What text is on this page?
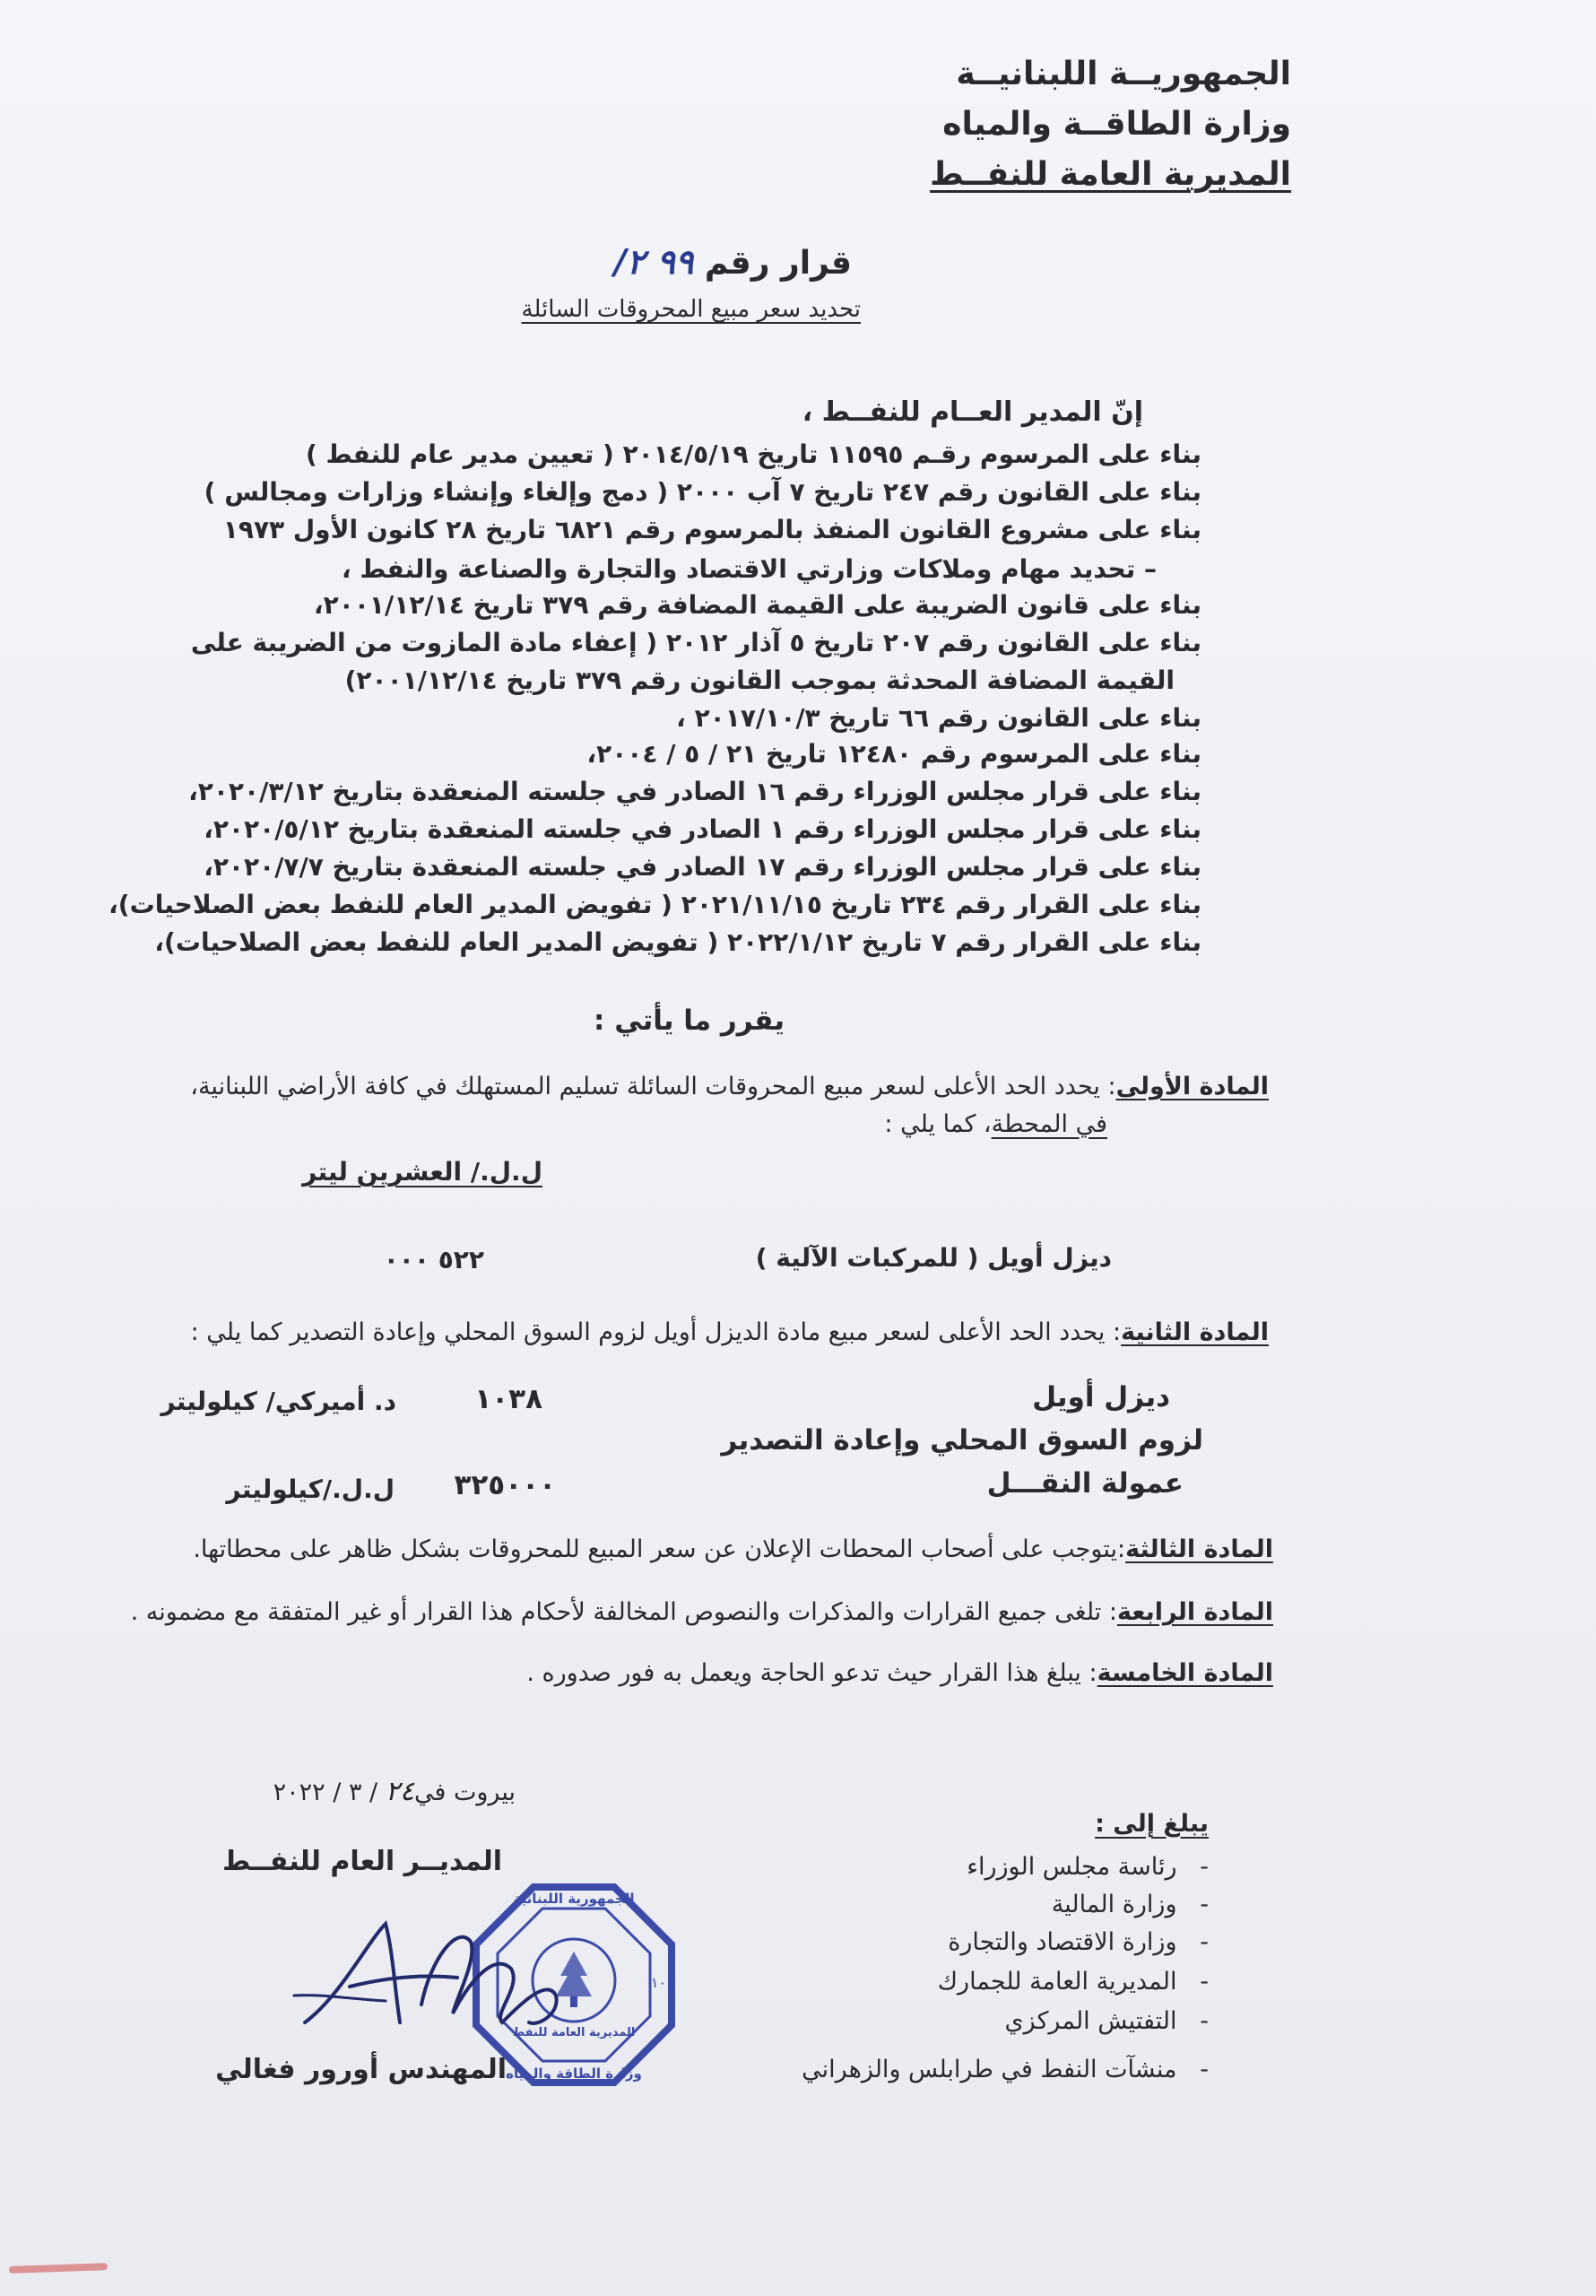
الجمهوريــة اللبنانيــة
وزارة الطاقــة والمياه
المديرية العامة للنفــط
قرار رقم ٩٩ ٢/
تحديد سعر مبيع المحروقات السائلة
إنّ المدير العــام للنفــط ،
بناء على المرسوم رقـم ١١٥٩٥ تاريخ ٢٠١٤/٥/١٩ ( تعيين مدير عام للنفط )
بناء على القانون رقم ٢٤٧ تاريخ ٧ آب ٢٠٠٠ ( دمج وإلغاء وإنشاء وزارات ومجالس )
بناء على مشروع القانون المنفذ بالمرسوم رقم ٦٨٢١ تاريخ ٢٨ كانون الأول ١٩٧٣
– تحديد مهام وملاكات وزارتي الاقتصاد والتجارة والصناعة والنفط ،
بناء على قانون الضريبة على القيمة المضافة رقم ٣٧٩ تاريخ ٢٠٠١/١٢/١٤،
بناء على القانون رقم ٢٠٧ تاريخ ٥ آذار ٢٠١٢ ( إعفاء مادة المازوت من الضريبة على
القيمة المضافة المحدثة بموجب القانون رقم ٣٧٩ تاريخ ٢٠٠١/١٢/١٤)
بناء على القانون رقم ٦٦ تاريخ ٢٠١٧/١٠/٣ ،
بناء على المرسوم رقم ١٢٤٨٠ تاريخ ٢١ / ٥ / ٢٠٠٤،
بناء على قرار مجلس الوزراء رقم ١٦ الصادر في جلسته المنعقدة بتاريخ ٢٠٢٠/٣/١٢،
بناء على قرار مجلس الوزراء رقم ١ الصادر في جلسته المنعقدة بتاريخ ٢٠٢٠/٥/١٢،
بناء على قرار مجلس الوزراء رقم ١٧ الصادر في جلسته المنعقدة بتاريخ ٢٠٢٠/٧/٧،
بناء على القرار رقم ٢٣٤ تاريخ ٢٠٢١/١١/١٥ ( تفويض المدير العام للنفط بعض الصلاحيات)،
بناء على القرار رقم ٧ تاريخ ٢٠٢٢/١/١٢ ( تفويض المدير العام للنفط بعض الصلاحيات)،
يقرر ما يأتي :
المادة الأولى: يحدد الحد الأعلى لسعر مبيع المحروقات السائلة تسليم المستهلك في كافة الأراضي اللبنانية،
في المحطة، كما يلي :
ل.ل./ العشرين ليتر
ديزل أويل ( للمركبات الآلية )
٥٢٢ ٠٠٠
المادة الثانية: يحدد الحد الأعلى لسعر مبيع مادة الديزل أويل لزوم السوق المحلي وإعادة التصدير كما يلي :
ديزل أويل
١٠٣٨
د. أميركي/ كيلوليتر
لزوم السوق المحلي وإعادة التصدير
عمولة النقـــل
٣٢٥٠٠٠
ل.ل./كيلوليتر
المادة الثالثة:يتوجب على أصحاب المحطات الإعلان عن سعر المبيع للمحروقات بشكل ظاهر على محطاتها.
المادة الرابعة: تلغى جميع القرارات والمذكرات والنصوص المخالفة لأحكام هذا القرار أو غير المتفقة مع مضمونه .
المادة الخامسة: يبلغ هذا القرار حيث تدعو الحاجة ويعمل به فور صدوره .
بيروت في٢٤ / ٣ / ٢٠٢٢
يبلغ إلى :
-   رئاسة مجلس الوزراء
-   وزارة المالية
-   وزارة الاقتصاد والتجارة
-   المديرية العامة للجمارك
-   التفتيش المركزي
-   منشآت النفط في طرابلس والزهراني
المديــر العام للنفــط
المهندس أورور فغالي
الجمهورية اللبنانية
المديرية العامة للنفط
وزارة الطاقة والمياه
١٠
